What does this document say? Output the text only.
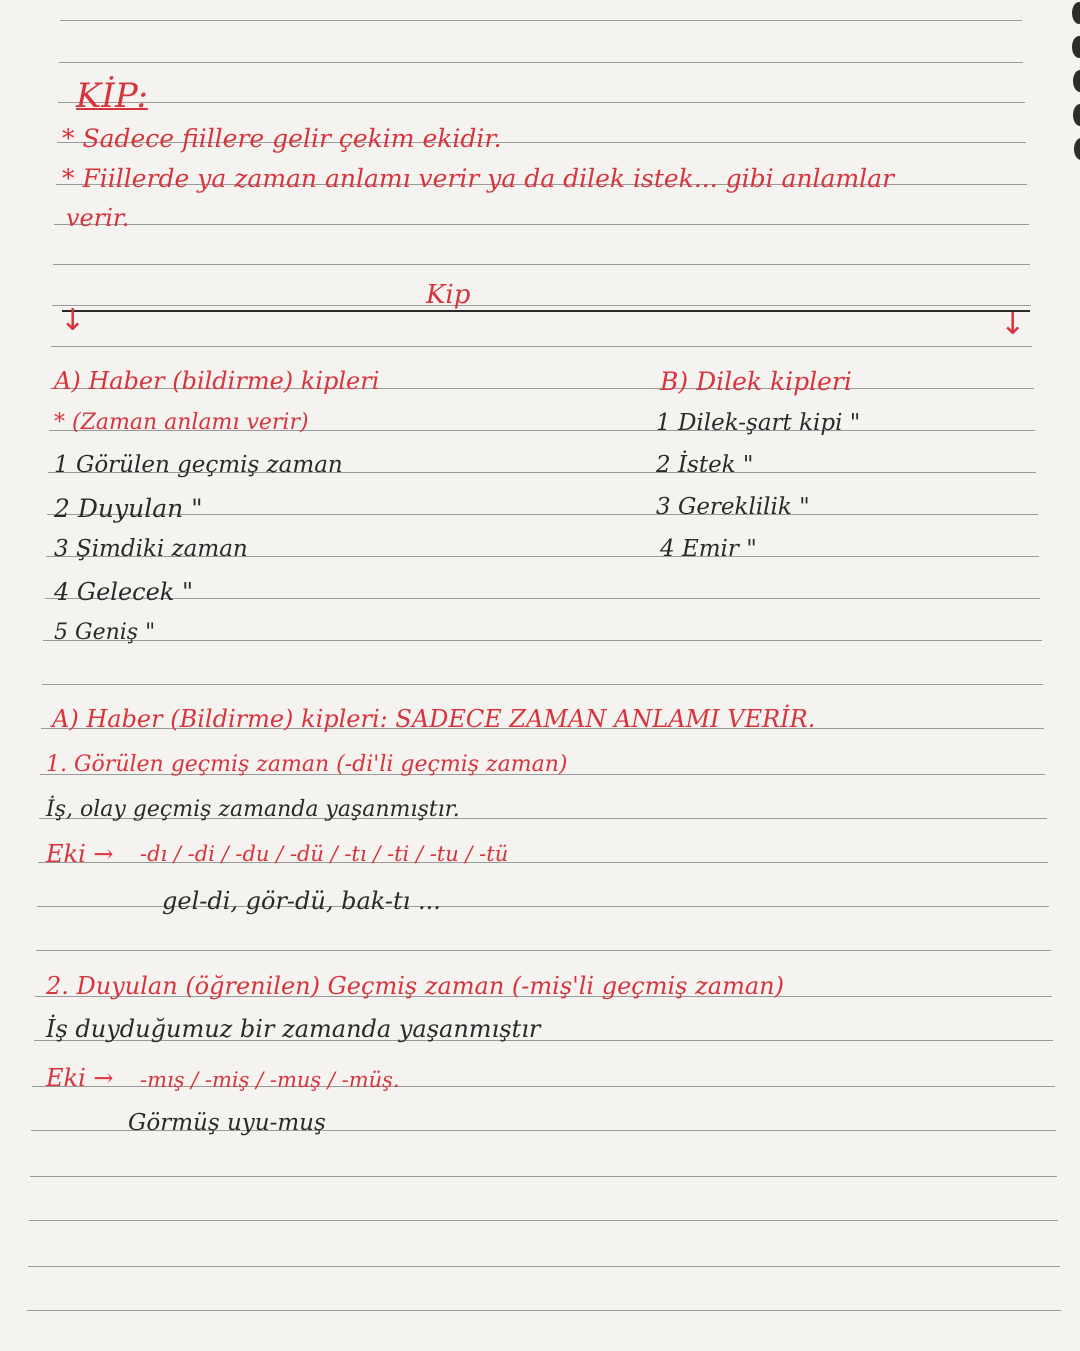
KİP:
* Sadece fiillere gelir çekim ekidir.
* Fiillerde ya zaman anlamı verir ya da dilek istek... gibi anlamlar
verir.
Kip
↓	↓
A) Haber (bildirme) kipleri
* (Zaman anlamı verir)
1 Görülen geçmiş zaman
2 Duyulan "
3 Şimdiki zaman
4 Gelecek "
5 Geniş "
B) Dilek kipleri
1 Dilek-şart kipi "
2 İstek "
3 Gereklilik "
4 Emir "
A) Haber (Bildirme) kipleri: SADECE ZAMAN ANLAMI VERİR.
1. Görülen geçmiş zaman (-di'li geçmiş zaman)
İş, olay geçmiş zamanda yaşanmıştır.
Eki → -dı / -di / -du / -dü / -tı / -ti / -tu / -tü
gel-di, gör-dü, bak-tı ...
2. Duyulan (öğrenilen) Geçmiş zaman (-miş'li geçmiş zaman)
İş duyduğumuz bir zamanda yaşanmıştır
Eki → -mış / -miş / -muş / -müş.
Görmüş uyu-muş
